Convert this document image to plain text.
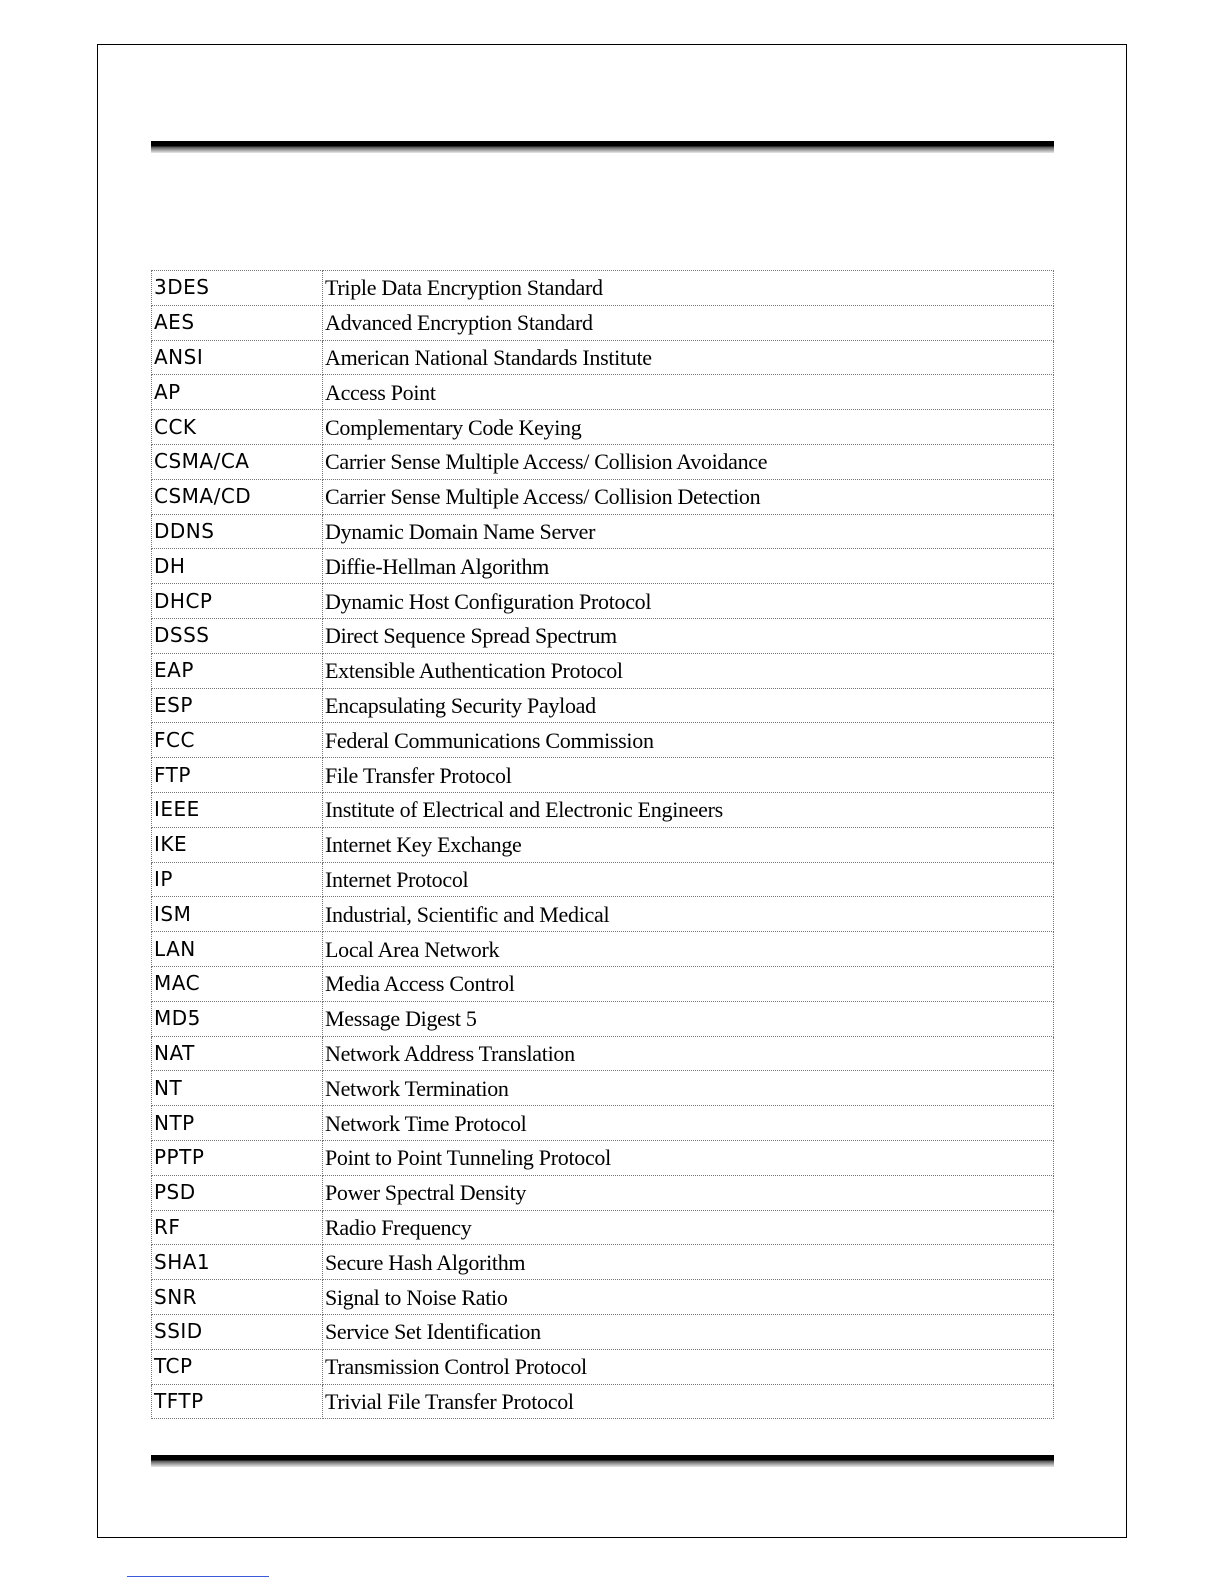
3DES	Triple Data Encryption Standard
AES	Advanced Encryption Standard
ANSI	American National Standards Institute
AP	Access Point
CCK	Complementary Code Keying
CSMA/CA	Carrier Sense Multiple Access/ Collision Avoidance
CSMA/CD	Carrier Sense Multiple Access/ Collision Detection
DDNS	Dynamic Domain Name Server
DH	Diffie-Hellman Algorithm
DHCP	Dynamic Host Configuration Protocol
DSSS	Direct Sequence Spread Spectrum
EAP	Extensible Authentication Protocol
ESP	Encapsulating Security Payload
FCC	Federal Communications Commission
FTP	File Transfer Protocol
IEEE	Institute of Electrical and Electronic Engineers
IKE	Internet Key Exchange
IP	Internet Protocol
ISM	Industrial, Scientific and Medical
LAN	Local Area Network
MAC	Media Access Control
MD5	Message Digest 5
NAT	Network Address Translation
NT	Network Termination
NTP	Network Time Protocol
PPTP	Point to Point Tunneling Protocol
PSD	Power Spectral Density
RF	Radio Frequency
SHA1	Secure Hash Algorithm
SNR	Signal to Noise Ratio
SSID	Service Set Identification
TCP	Transmission Control Protocol
TFTP	Trivial File Transfer Protocol
